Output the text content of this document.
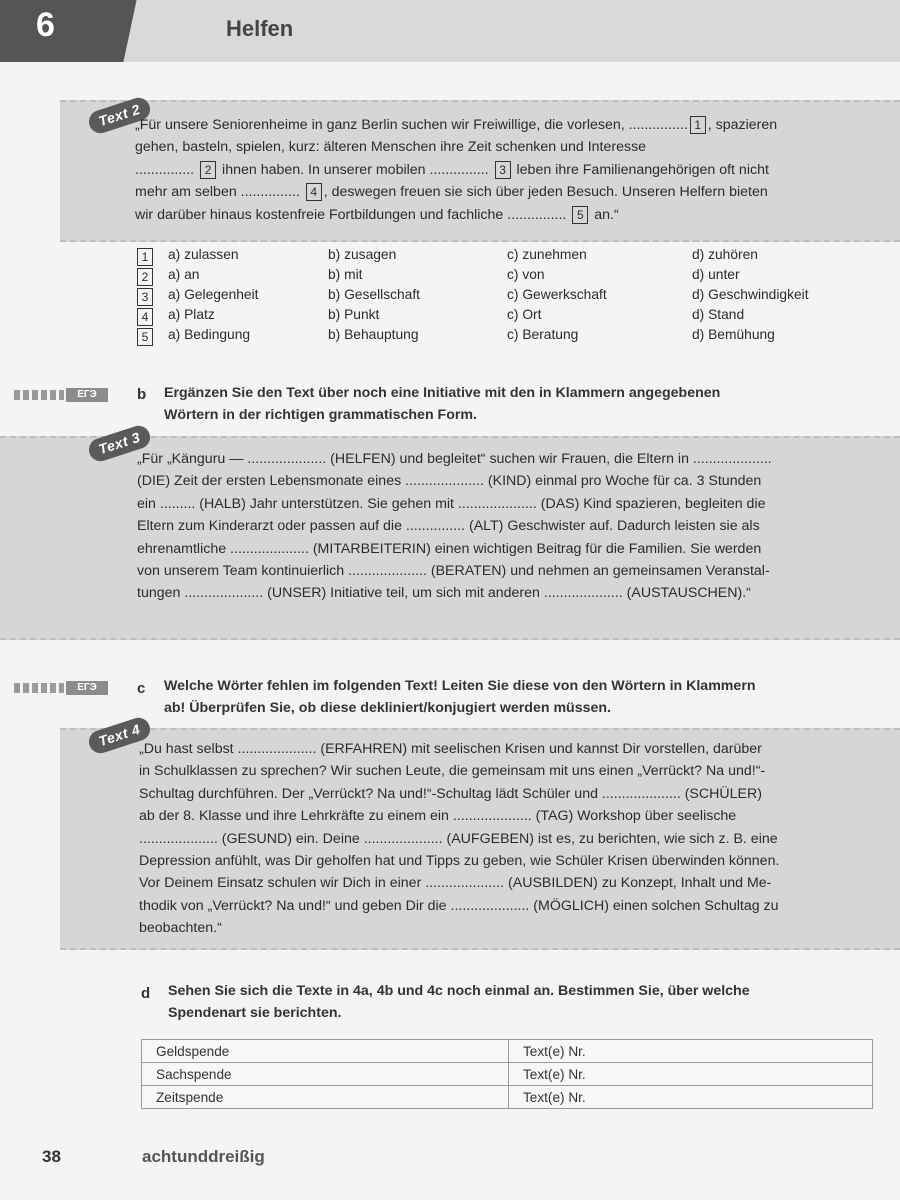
6	Helfen
Text 2
„Für unsere Seniorenheime in ganz Berlin suchen wir Freiwillige, die vorlesen, ............... 1 , spazieren
gehen, basteln, spielen, kurz: älteren Menschen ihre Zeit schenken und Interesse
............... 2 ihnen haben. In unserer mobilen ............... 3 leben ihre Familienangehörigen oft nicht
mehr am selben ............... 4 , deswegen freuen sie sich über jeden Besuch. Unseren Helfern bieten
wir darüber hinaus kostenfreie Fortbildungen und fachliche ............... 5 an.“
1	a) zulassen	b) zusagen	c) zunehmen	d) zuhören
2	a) an	b) mit	c) von	d) unter
3	a) Gelegenheit	b) Gesellschaft	c) Gewerkschaft	d) Geschwindigkeit
4	a) Platz	b) Punkt	c) Ort	d) Stand
5	a) Bedingung	b) Behauptung	c) Beratung	d) Bemühung
ЕГЭ	b Ergänzen Sie den Text über noch eine Initiative mit den in Klammern angegebenen
Wörtern in der richtigen grammatischen Form.
Text 3
„Für „Känguru — .................... (HELFEN) und begleitet“ suchen wir Frauen, die Eltern in ....................
(DIE) Zeit der ersten Lebensmonate eines .................... (KIND) einmal pro Woche für ca. 3 Stunden
ein ......... (HALB) Jahr unterstützen. Sie gehen mit .................... (DAS) Kind spazieren, begleiten die
Eltern zum Kinderarzt oder passen auf die ............... (ALT) Geschwister auf. Dadurch leisten sie als
ehrenamtliche .................... (MITARBEITERIN) einen wichtigen Beitrag für die Familien. Sie werden
von unserem Team kontinuierlich .................... (BERATEN) und nehmen an gemeinsamen Veranstal-
tungen .................... (UNSER) Initiative teil, um sich mit anderen .................... (AUSTAUSCHEN).“
ЕГЭ	c Welche Wörter fehlen im folgenden Text! Leiten Sie diese von den Wörtern in Klammern
ab! Überprüfen Sie, ob diese dekliniert/konjugiert werden müssen.
Text 4
„Du hast selbst .................... (ERFAHREN) mit seelischen Krisen und kannst Dir vorstellen, darüber
in Schulklassen zu sprechen? Wir suchen Leute, die gemeinsam mit uns einen „Verrückt? Na und!“-
Schultag durchführen. Der „Verrückt? Na und!“-Schultag lädt Schüler und .................... (SCHÜLER)
ab der 8. Klasse und ihre Lehrkräfte zu einem ein .................... (TAG) Workshop über seelische
.................... (GESUND) ein. Deine .................... (AUFGEBEN) ist es, zu berichten, wie sich z. B. eine
Depression anfühlt, was Dir geholfen hat und Tipps zu geben, wie Schüler Krisen überwinden können.
Vor Deinem Einsatz schulen wir Dich in einer .................... (AUSBILDEN) zu Konzept, Inhalt und Me-
thodik von „Verrückt? Na und!“ und geben Dir die .................... (MÖGLICH) einen solchen Schultag zu
beobachten.“
d Sehen Sie sich die Texte in 4a, 4b und 4c noch einmal an. Bestimmen Sie, über welche
Spendenart sie berichten.
Geldspende	Text(e) Nr.
Sachspende	Text(e) Nr.
Zeitspende	Text(e) Nr.
38	achtunddreißig
